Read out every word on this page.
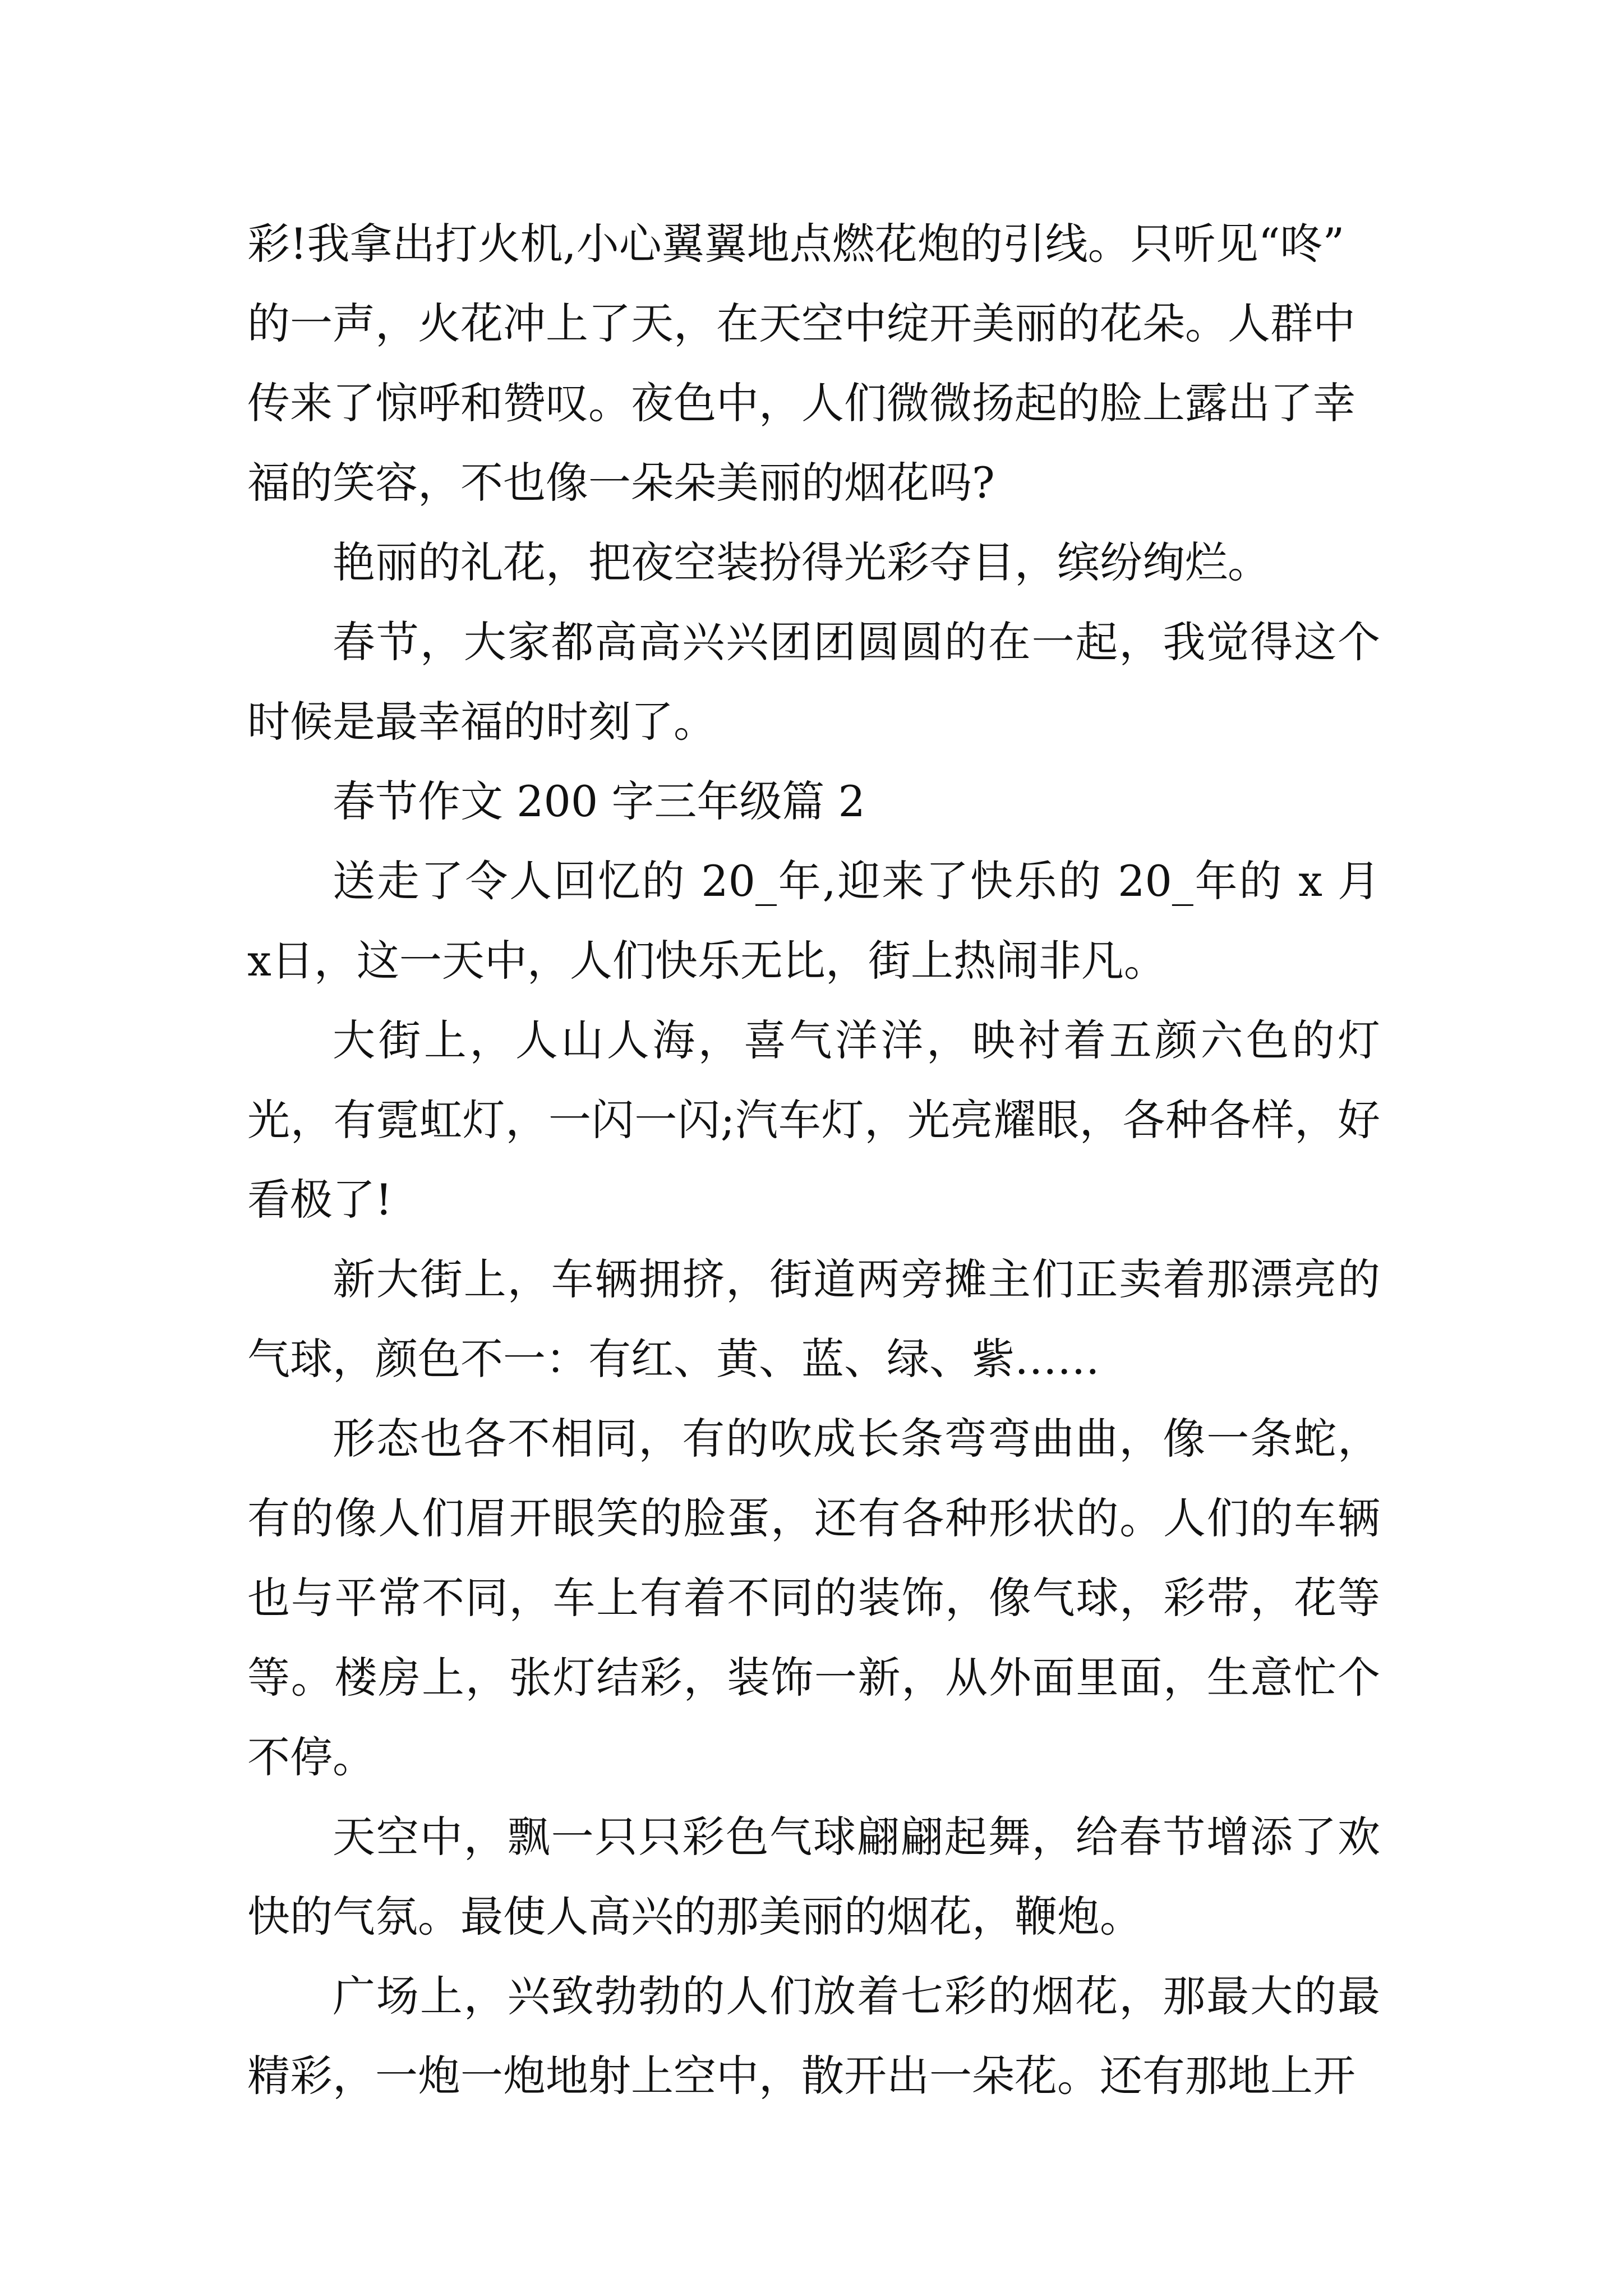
彩!我拿出打火机,小心翼翼地点燃花炮的引线。只听见“咚”
的一声，火花冲上了天，在天空中绽开美丽的花朵。人群中
传来了惊呼和赞叹。夜色中，人们微微扬起的脸上露出了幸
福的笑容，不也像一朵朵美丽的烟花吗?

艳丽的礼花，把夜空装扮得光彩夺目，缤纷绚烂。

春节，大家都高高兴兴团团圆圆的在一起，我觉得这个时候是最幸福的时刻了。

春节作文 200 字三年级篇 2

送走了令人回忆的 20_年,迎来了快乐的 20_年的 x 月 x日，这一天中，人们快乐无比，街上热闹非凡。

大街上，人山人海，喜气洋洋，映衬着五颜六色的灯光，有霓虹灯，一闪一闪;汽车灯，光亮耀眼，各种各样，好看极了!

新大街上，车辆拥挤，街道两旁摊主们正卖着那漂亮的气球，颜色不一：有红、黄、蓝、绿、紫……

形态也各不相同，有的吹成长条弯弯曲曲，像一条蛇，有的像人们眉开眼笑的脸蛋，还有各种形状的。人们的车辆也与平常不同，车上有着不同的装饰，像气球，彩带，花等等。楼房上，张灯结彩，装饰一新，从外面里面，生意忙个不停。

天空中，飘一只只彩色气球翩翩起舞，给春节增添了欢快的气氛。最使人高兴的那美丽的烟花，鞭炮。

广场上，兴致勃勃的人们放着七彩的烟花，那最大的最精彩，一炮一炮地射上空中，散开出一朵花。还有那地上开
